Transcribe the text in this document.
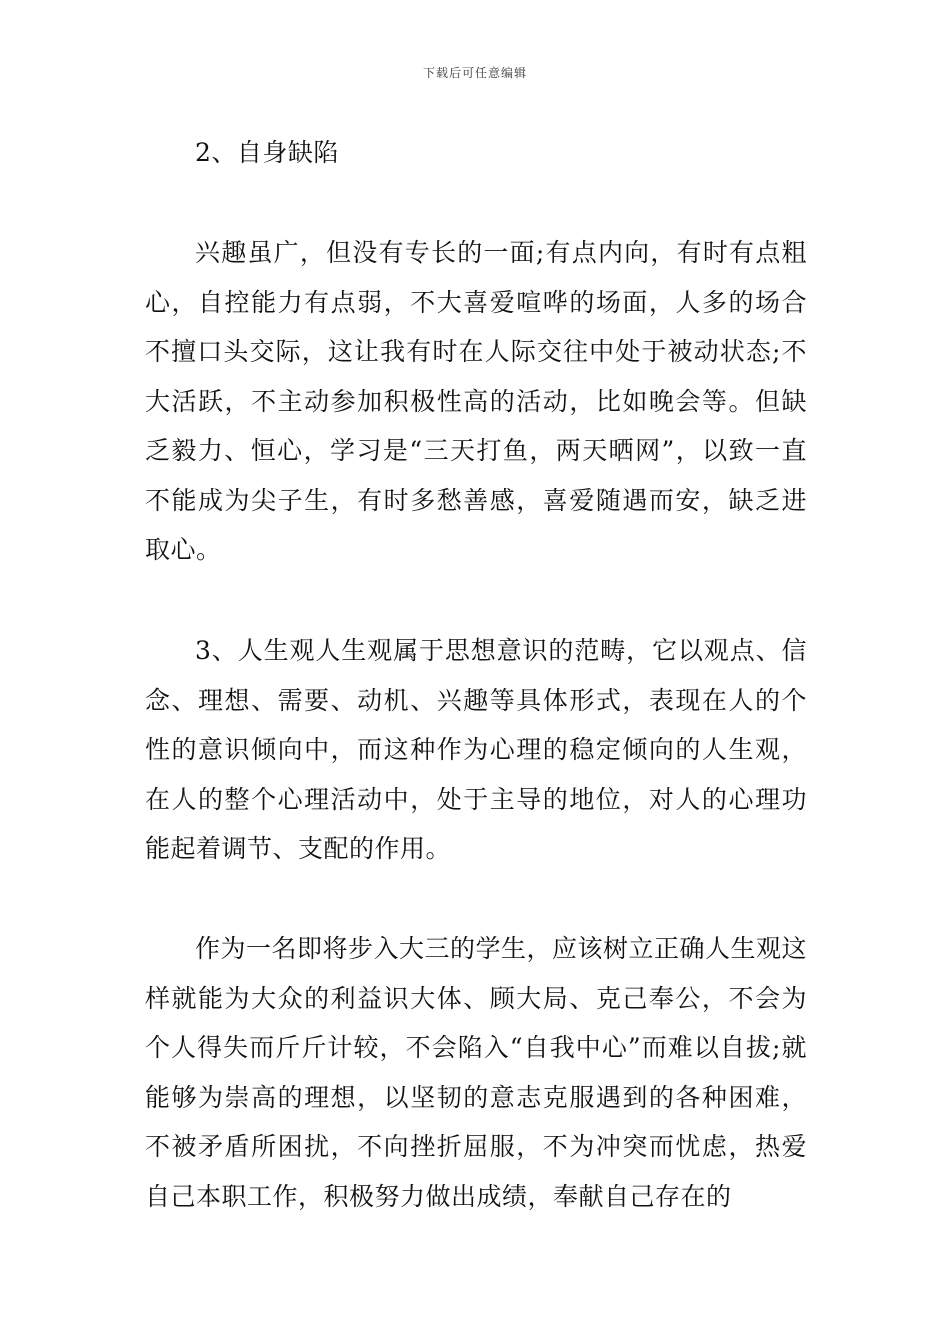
下载后可任意编辑

2、自身缺陷

兴趣虽广，但没有专长的一面;有点内向，有时有点粗心，自控能力有点弱，不大喜爱喧哗的场面，人多的场合不擅口头交际，这让我有时在人际交往中处于被动状态;不大活跃，不主动参加积极性高的活动，比如晚会等。但缺乏毅力、恒心，学习是“三天打鱼，两天晒网”，以致一直不能成为尖子生，有时多愁善感，喜爱随遇而安，缺乏进取心。

3、人生观人生观属于思想意识的范畴，它以观点、信念、理想、需要、动机、兴趣等具体形式，表现在人的个性的意识倾向中，而这种作为心理的稳定倾向的人生观，在人的整个心理活动中，处于主导的地位，对人的心理功能起着调节、支配的作用。

作为一名即将步入大三的学生，应该树立正确人生观这样就能为大众的利益识大体、顾大局、克己奉公，不会为个人得失而斤斤计较，不会陷入“自我中心”而难以自拔;就能够为崇高的理想，以坚韧的意志克服遇到的各种困难，不被矛盾所困扰，不向挫折屈服，不为冲突而忧虑，热爱自己本职工作，积极努力做出成绩，奉献自己存在的
